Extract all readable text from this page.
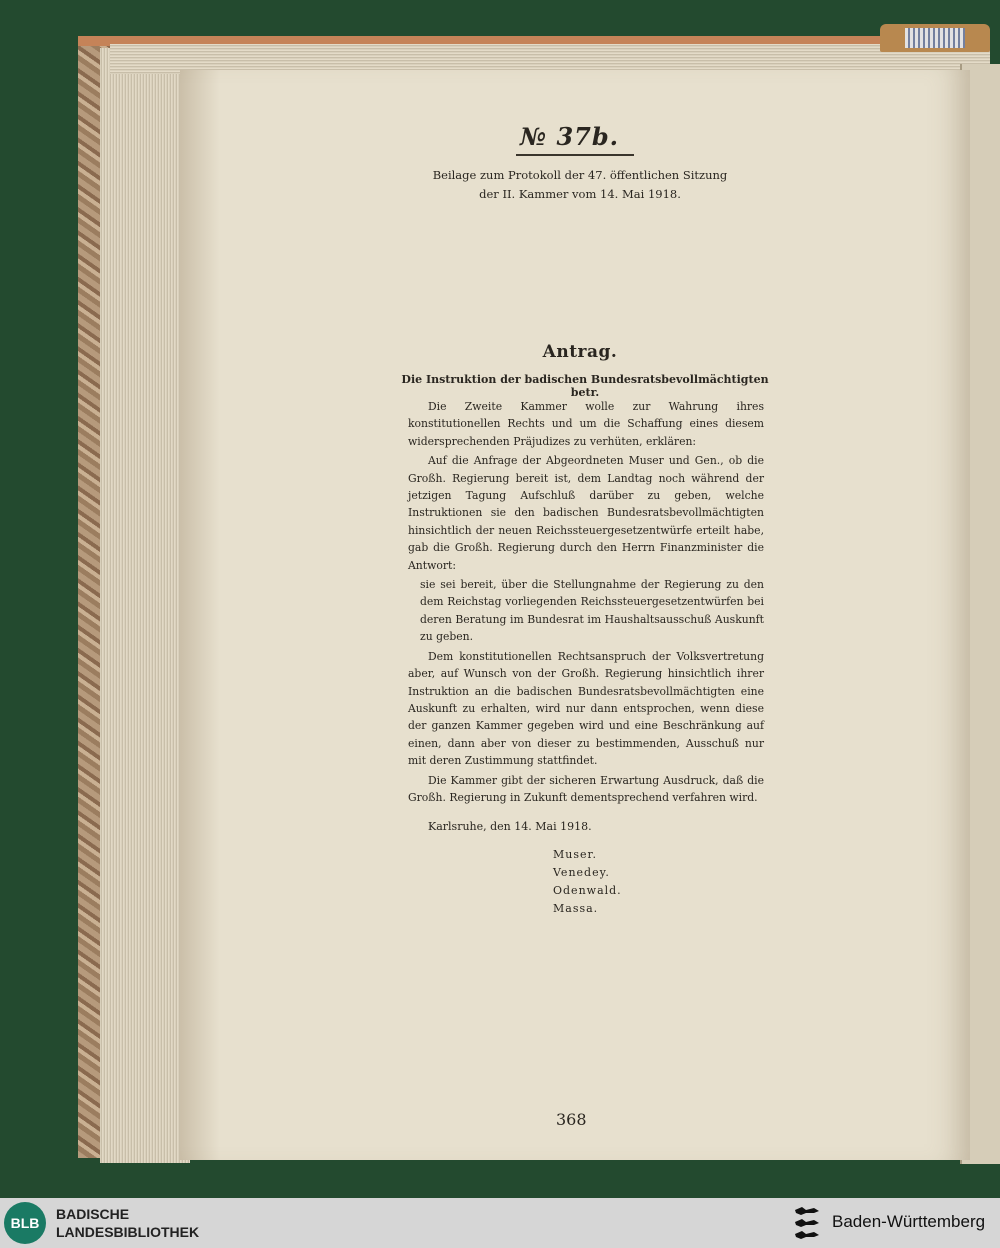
№ 37b.
Beilage zum Protokoll der 47. öffentlichen Sitzung
der II. Kammer vom 14. Mai 1918.
Antrag.
Die Instruktion der badischen Bundesratsbevollmächtigten betr.

Die Zweite Kammer wolle zur Wahrung ihres konstitutionellen Rechts und um die Schaffung eines diesem widersprechenden Präjudizes zu verhüten, erklären:

Auf die Anfrage der Abgeordneten Muser und Gen., ob die Großh. Regierung bereit ist, dem Landtag noch während der jetzigen Tagung Aufschluß darüber zu geben, welche Instruktionen sie den badischen Bundesratsbevollmächtigten hinsichtlich der neuen Reichssteuergesetzentwürfe erteilt habe, gab die Großh. Regierung durch den Herrn Finanzminister die Antwort:

sie sei bereit, über die Stellungnahme der Regierung zu den dem Reichstag vorliegenden Reichssteuergesetzentwürfen bei deren Beratung im Bundesrat im Haushaltsausschuß Auskunft zu geben.

Dem konstitutionellen Rechtsanspruch der Volksvertretung aber, auf Wunsch von der Großh. Regierung hinsichtlich ihrer Instruktion an die badischen Bundesratsbevollmächtigten eine Auskunft zu erhalten, wird nur dann entsprochen, wenn diese der ganzen Kammer gegeben wird und eine Beschränkung auf einen, dann aber von dieser zu bestimmenden, Ausschuß nur mit deren Zustimmung stattfindet.

Die Kammer gibt der sicheren Erwartung Ausdruck, daß die Großh. Regierung in Zukunft dementsprechend verfahren wird.

Karlsruhe, den 14. Mai 1918.
Muser.
Venedey.
Odenwald.
Massa.
368
BLB
BADISCHE
LANDESBIBLIOTHEK
Baden-Württemberg
